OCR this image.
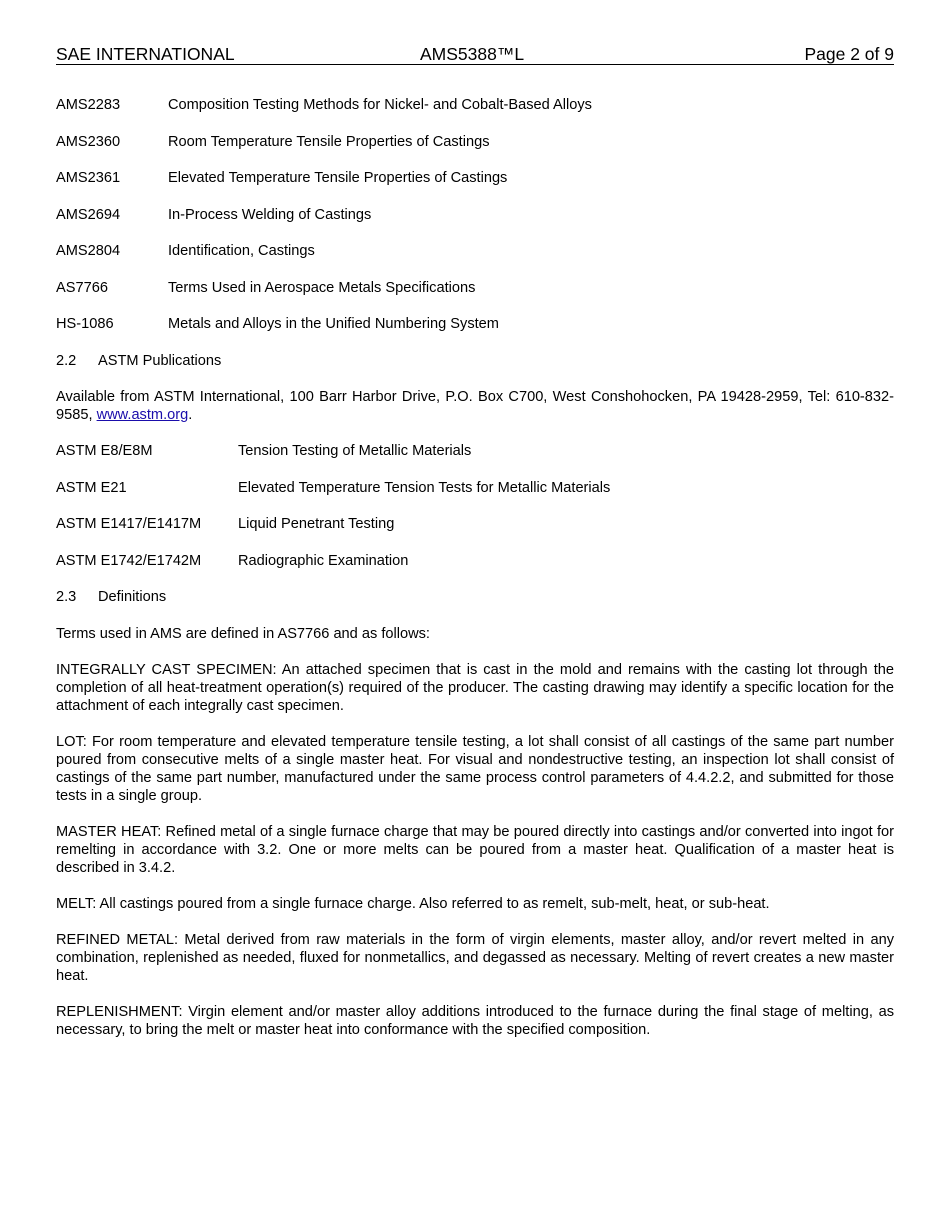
SAE INTERNATIONAL	AMS5388™L	Page 2 of 9
AMS2283	Composition Testing Methods for Nickel- and Cobalt-Based Alloys
AMS2360	Room Temperature Tensile Properties of Castings
AMS2361	Elevated Temperature Tensile Properties of Castings
AMS2694	In-Process Welding of Castings
AMS2804	Identification, Castings
AS7766	Terms Used in Aerospace Metals Specifications
HS-1086	Metals and Alloys in the Unified Numbering System
2.2	ASTM Publications

Available from ASTM International, 100 Barr Harbor Drive, P.O. Box C700, West Conshohocken, PA 19428-2959, Tel: 610-832-9585, www.astm.org.

ASTM E8/E8M	Tension Testing of Metallic Materials
ASTM E21	Elevated Temperature Tension Tests for Metallic Materials
ASTM E1417/E1417M	Liquid Penetrant Testing
ASTM E1742/E1742M	Radiographic Examination
2.3	Definitions

Terms used in AMS are defined in AS7766 and as follows:

INTEGRALLY CAST SPECIMEN: An attached specimen that is cast in the mold and remains with the casting lot through the completion of all heat-treatment operation(s) required of the producer. The casting drawing may identify a specific location for the attachment of each integrally cast specimen.

LOT: For room temperature and elevated temperature tensile testing, a lot shall consist of all castings of the same part number poured from consecutive melts of a single master heat. For visual and nondestructive testing, an inspection lot shall consist of castings of the same part number, manufactured under the same process control parameters of 4.4.2.2, and submitted for those tests in a single group.

MASTER HEAT: Refined metal of a single furnace charge that may be poured directly into castings and/or converted into ingot for remelting in accordance with 3.2. One or more melts can be poured from a master heat. Qualification of a master heat is described in 3.4.2.

MELT: All castings poured from a single furnace charge. Also referred to as remelt, sub-melt, heat, or sub-heat.

REFINED METAL: Metal derived from raw materials in the form of virgin elements, master alloy, and/or revert melted in any combination, replenished as needed, fluxed for nonmetallics, and degassed as necessary. Melting of revert creates a new master heat.

REPLENISHMENT: Virgin element and/or master alloy additions introduced to the furnace during the final stage of melting, as necessary, to bring the melt or master heat into conformance with the specified composition.
